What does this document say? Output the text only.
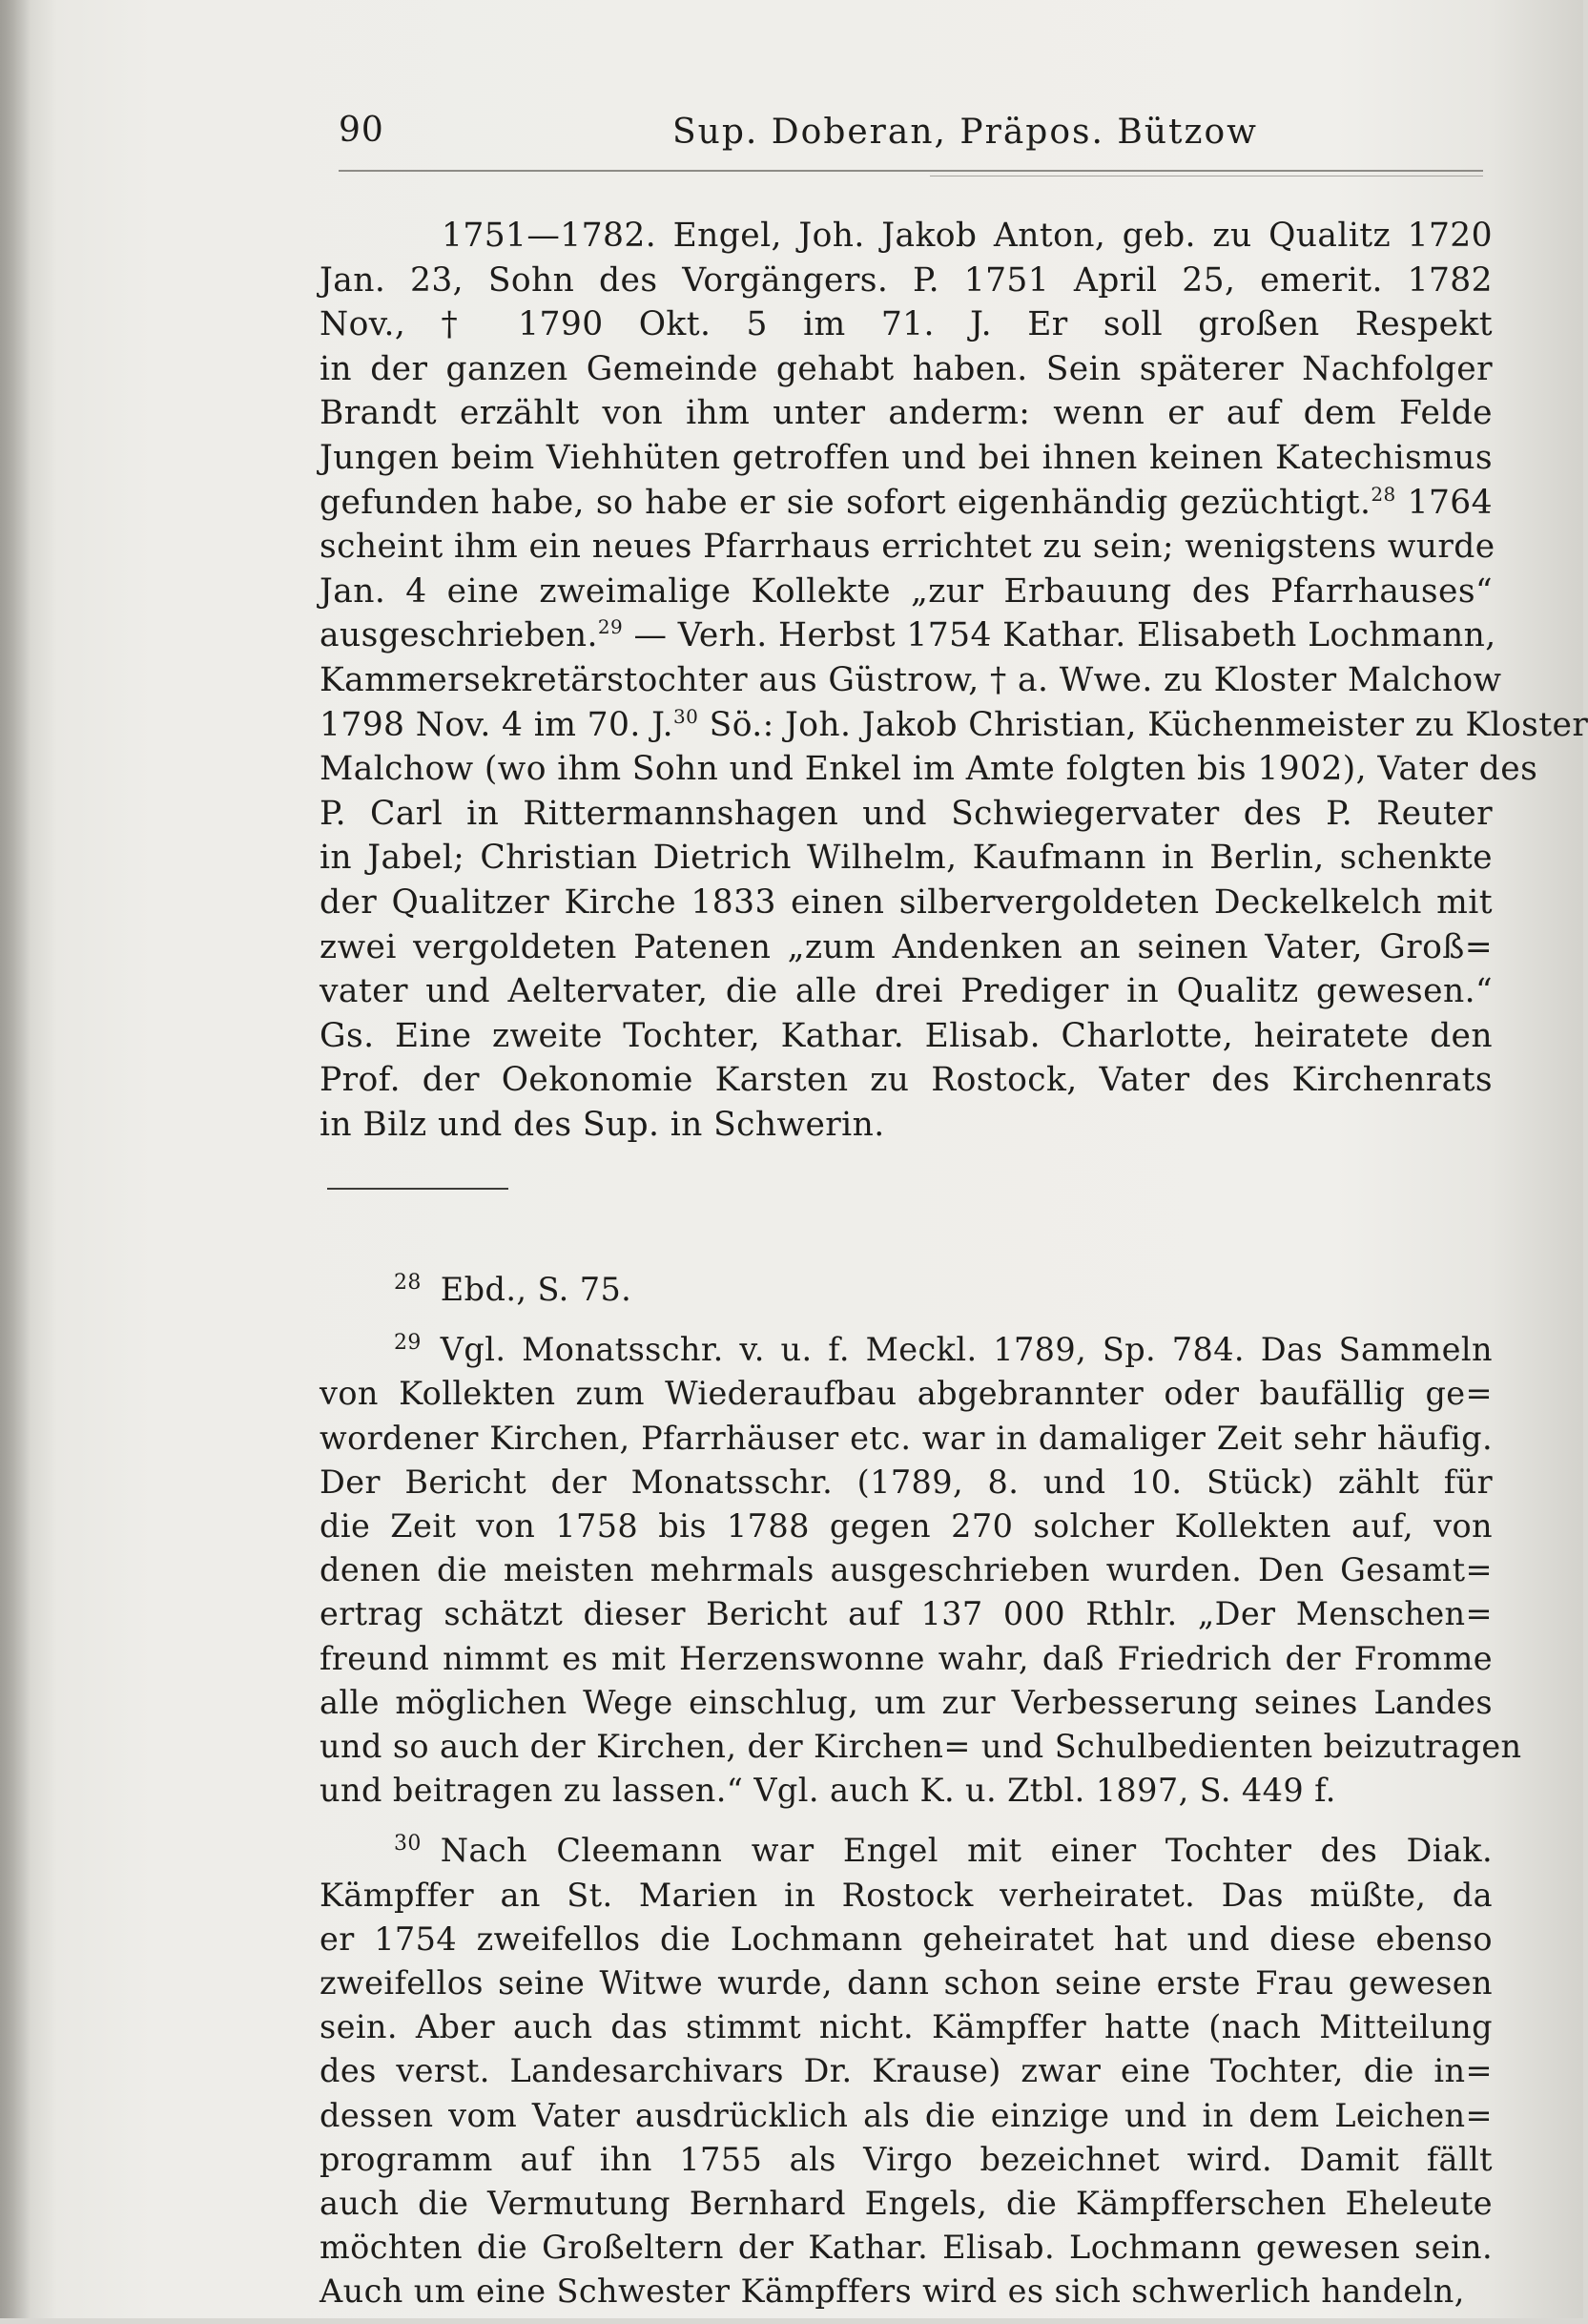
90	Sup. Doberan, Präpos. Bützow
1751—1782. Engel, Joh. Jakob Anton, geb. zu Qualitz 1720
Jan. 23, Sohn des Vorgängers. P. 1751 April 25, emerit. 1782
Nov., † 1790 Okt. 5 im 71. J. Er soll großen Respekt
in der ganzen Gemeinde gehabt haben. Sein späterer Nachfolger
Brandt erzählt von ihm unter anderm: wenn er auf dem Felde
Jungen beim Viehhüten getroffen und bei ihnen keinen Katechismus
gefunden habe, so habe er sie sofort eigenhändig gezüchtigt.$^{28}$ 1764
scheint ihm ein neues Pfarrhaus errichtet zu sein; wenigstens wurde
Jan. 4 eine zweimalige Kollekte „zur Erbauung des Pfarrhauses“
ausgeschrieben.$^{29}$ — Verh. Herbst 1754 Kathar. Elisabeth Lochmann,
Kammersekretärstochter aus Güstrow, † a. Wwe. zu Kloster Malchow
1798 Nov. 4 im 70. J.$^{30}$ Sö.: Joh. Jakob Christian, Küchenmeister zu Kloster
Malchow (wo ihm Sohn und Enkel im Amte folgten bis 1902), Vater des
P. Carl in Rittermannshagen und Schwiegervater des P. Reuter
in Jabel; Christian Dietrich Wilhelm, Kaufmann in Berlin, schenkte
der Qualitzer Kirche 1833 einen silbervergoldeten Deckelkelch mit
zwei vergoldeten Patenen „zum Andenken an seinen Vater, Groß=
vater und Aeltervater, die alle drei Prediger in Qualitz gewesen.“
Gs. Eine zweite Tochter, Kathar. Elisab. Charlotte, heiratete den
Prof. der Oekonomie Karsten zu Rostock, Vater des Kirchenrats
in Bilz und des Sup. in Schwerin.
$^{28}$ Ebd., S. 75.
$^{29}$ Vgl. Monatsschr. v. u. f. Meckl. 1789, Sp. 784. Das Sammeln
von Kollekten zum Wiederaufbau abgebrannter oder baufällig ge=
wordener Kirchen, Pfarrhäuser etc. war in damaliger Zeit sehr häufig.
Der Bericht der Monatsschr. (1789, 8. und 10. Stück) zählt für
die Zeit von 1758 bis 1788 gegen 270 solcher Kollekten auf, von
denen die meisten mehrmals ausgeschrieben wurden. Den Gesamt=
ertrag schätzt dieser Bericht auf 137 000 Rthlr. „Der Menschen=
freund nimmt es mit Herzenswonne wahr, daß Friedrich der Fromme
alle möglichen Wege einschlug, um zur Verbesserung seines Landes
und so auch der Kirchen, der Kirchen= und Schulbedienten beizutragen
und beitragen zu lassen.“ Vgl. auch K. u. Ztbl. 1897, S. 449 f.
$^{30}$ Nach Cleemann war Engel mit einer Tochter des Diak.
Kämpffer an St. Marien in Rostock verheiratet. Das müßte, da
er 1754 zweifellos die Lochmann geheiratet hat und diese ebenso
zweifellos seine Witwe wurde, dann schon seine erste Frau gewesen
sein. Aber auch das stimmt nicht. Kämpffer hatte (nach Mitteilung
des verst. Landesarchivars Dr. Krause) zwar eine Tochter, die in=
dessen vom Vater ausdrücklich als die einzige und in dem Leichen=
programm auf ihn 1755 als Virgo bezeichnet wird. Damit fällt
auch die Vermutung Bernhard Engels, die Kämpfferschen Eheleute
möchten die Großeltern der Kathar. Elisab. Lochmann gewesen sein.
Auch um eine Schwester Kämpffers wird es sich schwerlich handeln,
